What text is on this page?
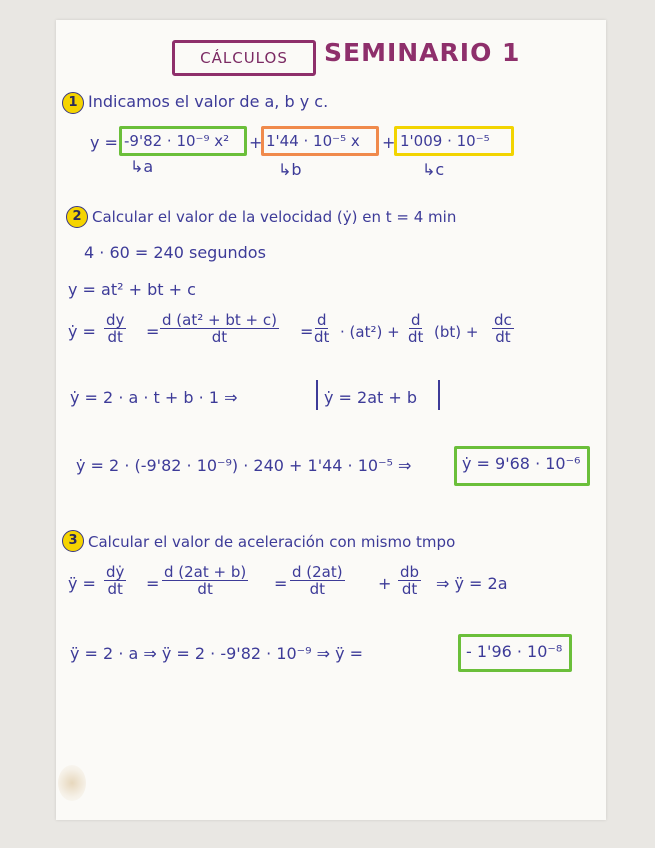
CÁLCULOS	SEMINARIO 1
1 Indicamos el valor de a, b y c.
y = -9'82 · 10⁻⁹ x² + 1'44 · 10⁻⁵ x + 1'009 · 10⁻⁵
↳a	↳b	↳c
2 Calcular el valor de la velocidad (ẏ) en t = 4 min
4 · 60 = 240 segundos
y = at² + bt + c
ẏ = $\frac{dy}{dt} = \frac{\text{d (at² + bt + c)}}{dt} = \frac{d}{dt} \cdot (at^2) + \frac{d}{dt} (bt) + \frac{dc}{dt}$
ẏ = 2 · a · t + b · 1 ⇒	ẏ = 2at + b
ẏ = 2 · (-9'82 · 10⁻⁹) · 240 + 1'44 · 10⁻⁵ ⇒	ẏ = 9'68 · 10⁻⁶
3 Calcular el valor de aceleración con mismo tmpo
ÿ = $\frac{\text{dẏ}}{dt} = \frac{d (2at + b)}{dt} = \frac{d (2at)}{dt} + \frac{db}{dt}$ ⇒ ÿ = 2a
ÿ = 2 · a ⇒ ÿ = 2 · -9'82 · 10⁻⁹ ⇒ ÿ =	- 1'96 · 10⁻⁸
